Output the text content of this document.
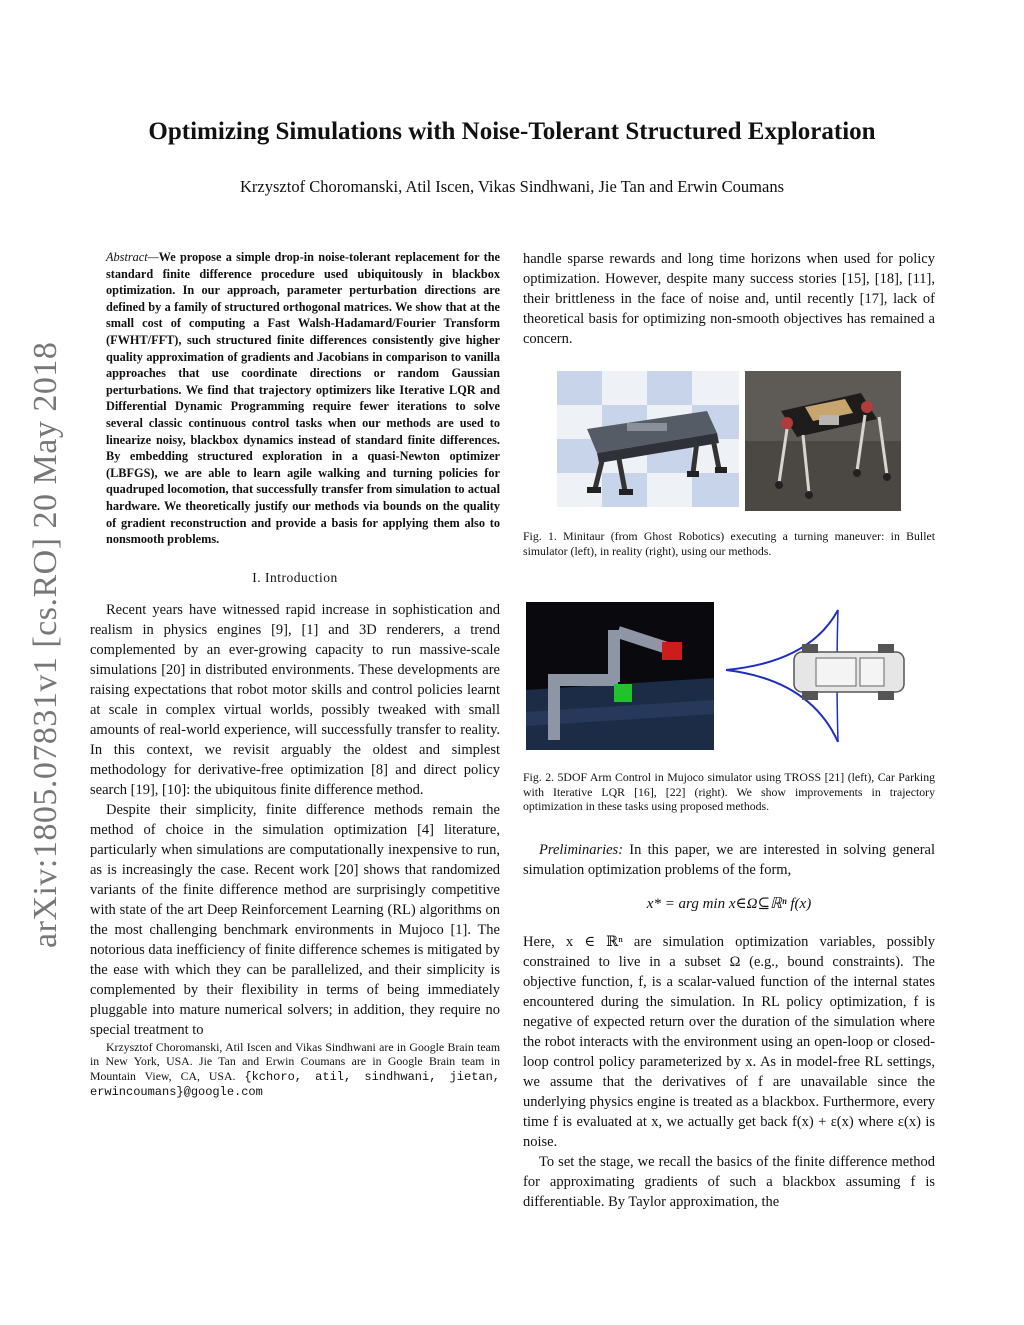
arXiv:1805.07831v1 [cs.RO] 20 May 2018
Optimizing Simulations with Noise-Tolerant Structured Exploration

Krzysztof Choromanski, Atil Iscen, Vikas Sindhwani, Jie Tan and Erwin Coumans

Abstract—We propose a simple drop-in noise-tolerant replacement for the standard finite difference procedure used ubiquitously in blackbox optimization. In our approach, parameter perturbation directions are defined by a family of structured orthogonal matrices. We show that at the small cost of computing a Fast Walsh-Hadamard/Fourier Transform (FWHT/FFT), such structured finite differences consistently give higher quality approximation of gradients and Jacobians in comparison to vanilla approaches that use coordinate directions or random Gaussian perturbations. We find that trajectory optimizers like Iterative LQR and Differential Dynamic Programming require fewer iterations to solve several classic continuous control tasks when our methods are used to linearize noisy, blackbox dynamics instead of standard finite differences. By embedding structured exploration in a quasi-Newton optimizer (LBFGS), we are able to learn agile walking and turning policies for quadruped locomotion, that successfully transfer from simulation to actual hardware. We theoretically justify our methods via bounds on the quality of gradient reconstruction and provide a basis for applying them also to nonsmooth problems.

I. Introduction

Recent years have witnessed rapid increase in sophistication and realism in physics engines [9], [1] and 3D renderers, a trend complemented by an ever-growing capacity to run massive-scale simulations [20] in distributed environments. These developments are raising expectations that robot motor skills and control policies learnt at scale in complex virtual worlds, possibly tweaked with small amounts of real-world experience, will successfully transfer to reality. In this context, we revisit arguably the oldest and simplest methodology for derivative-free optimization [8] and direct policy search [19], [10]: the ubiquitous finite difference method.

Despite their simplicity, finite difference methods remain the method of choice in the simulation optimization [4] literature, particularly when simulations are computationally inexpensive to run, as is increasingly the case. Recent work [20] shows that randomized variants of the finite difference method are surprisingly competitive with state of the art Deep Reinforcement Learning (RL) algorithms on the most challenging benchmark environments in Mujoco [1]. The notorious data inefficiency of finite difference schemes is mitigated by the ease with which they can be parallelized, and their simplicity is complemented by their flexibility in terms of being immediately pluggable into mature numerical solvers; in addition, they require no special treatment to

Krzysztof Choromanski, Atil Iscen and Vikas Sindhwani are in Google Brain team in New York, USA. Jie Tan and Erwin Coumans are in Google Brain team in Mountain View, CA, USA. {kchoro, atil, sindhwani, jietan, erwincoumans}@google.com

handle sparse rewards and long time horizons when used for policy optimization. However, despite many success stories [15], [18], [11], their brittleness in the face of noise and, until recently [17], lack of theoretical basis for optimizing non-smooth objectives has remained a concern.

Fig. 1. Minitaur (from Ghost Robotics) executing a turning maneuver: in Bullet simulator (left), in reality (right), using our methods.

Fig. 2. 5DOF Arm Control in Mujoco simulator using TROSS [21] (left), Car Parking with Iterative LQR [16], [22] (right). We show improvements in trajectory optimization in these tasks using proposed methods.

Preliminaries: In this paper, we are interested in solving general simulation optimization problems of the form,

x* = arg min x∈Ω⊆ℝⁿ f(x)

Here, x ∈ ℝⁿ are simulation optimization variables, possibly constrained to live in a subset Ω (e.g., bound constraints). The objective function, f, is a scalar-valued function of the internal states encountered during the simulation. In RL policy optimization, f is negative of expected return over the duration of the simulation where the robot interacts with the environment using an open-loop or closed-loop control policy parameterized by x. As in model-free RL settings, we assume that the derivatives of f are unavailable since the underlying physics engine is treated as a blackbox. Furthermore, every time f is evaluated at x, we actually get back f(x) + ε(x) where ε(x) is noise.

To set the stage, we recall the basics of the finite difference method for approximating gradients of such a blackbox assuming f is differentiable. By Taylor approximation, the
